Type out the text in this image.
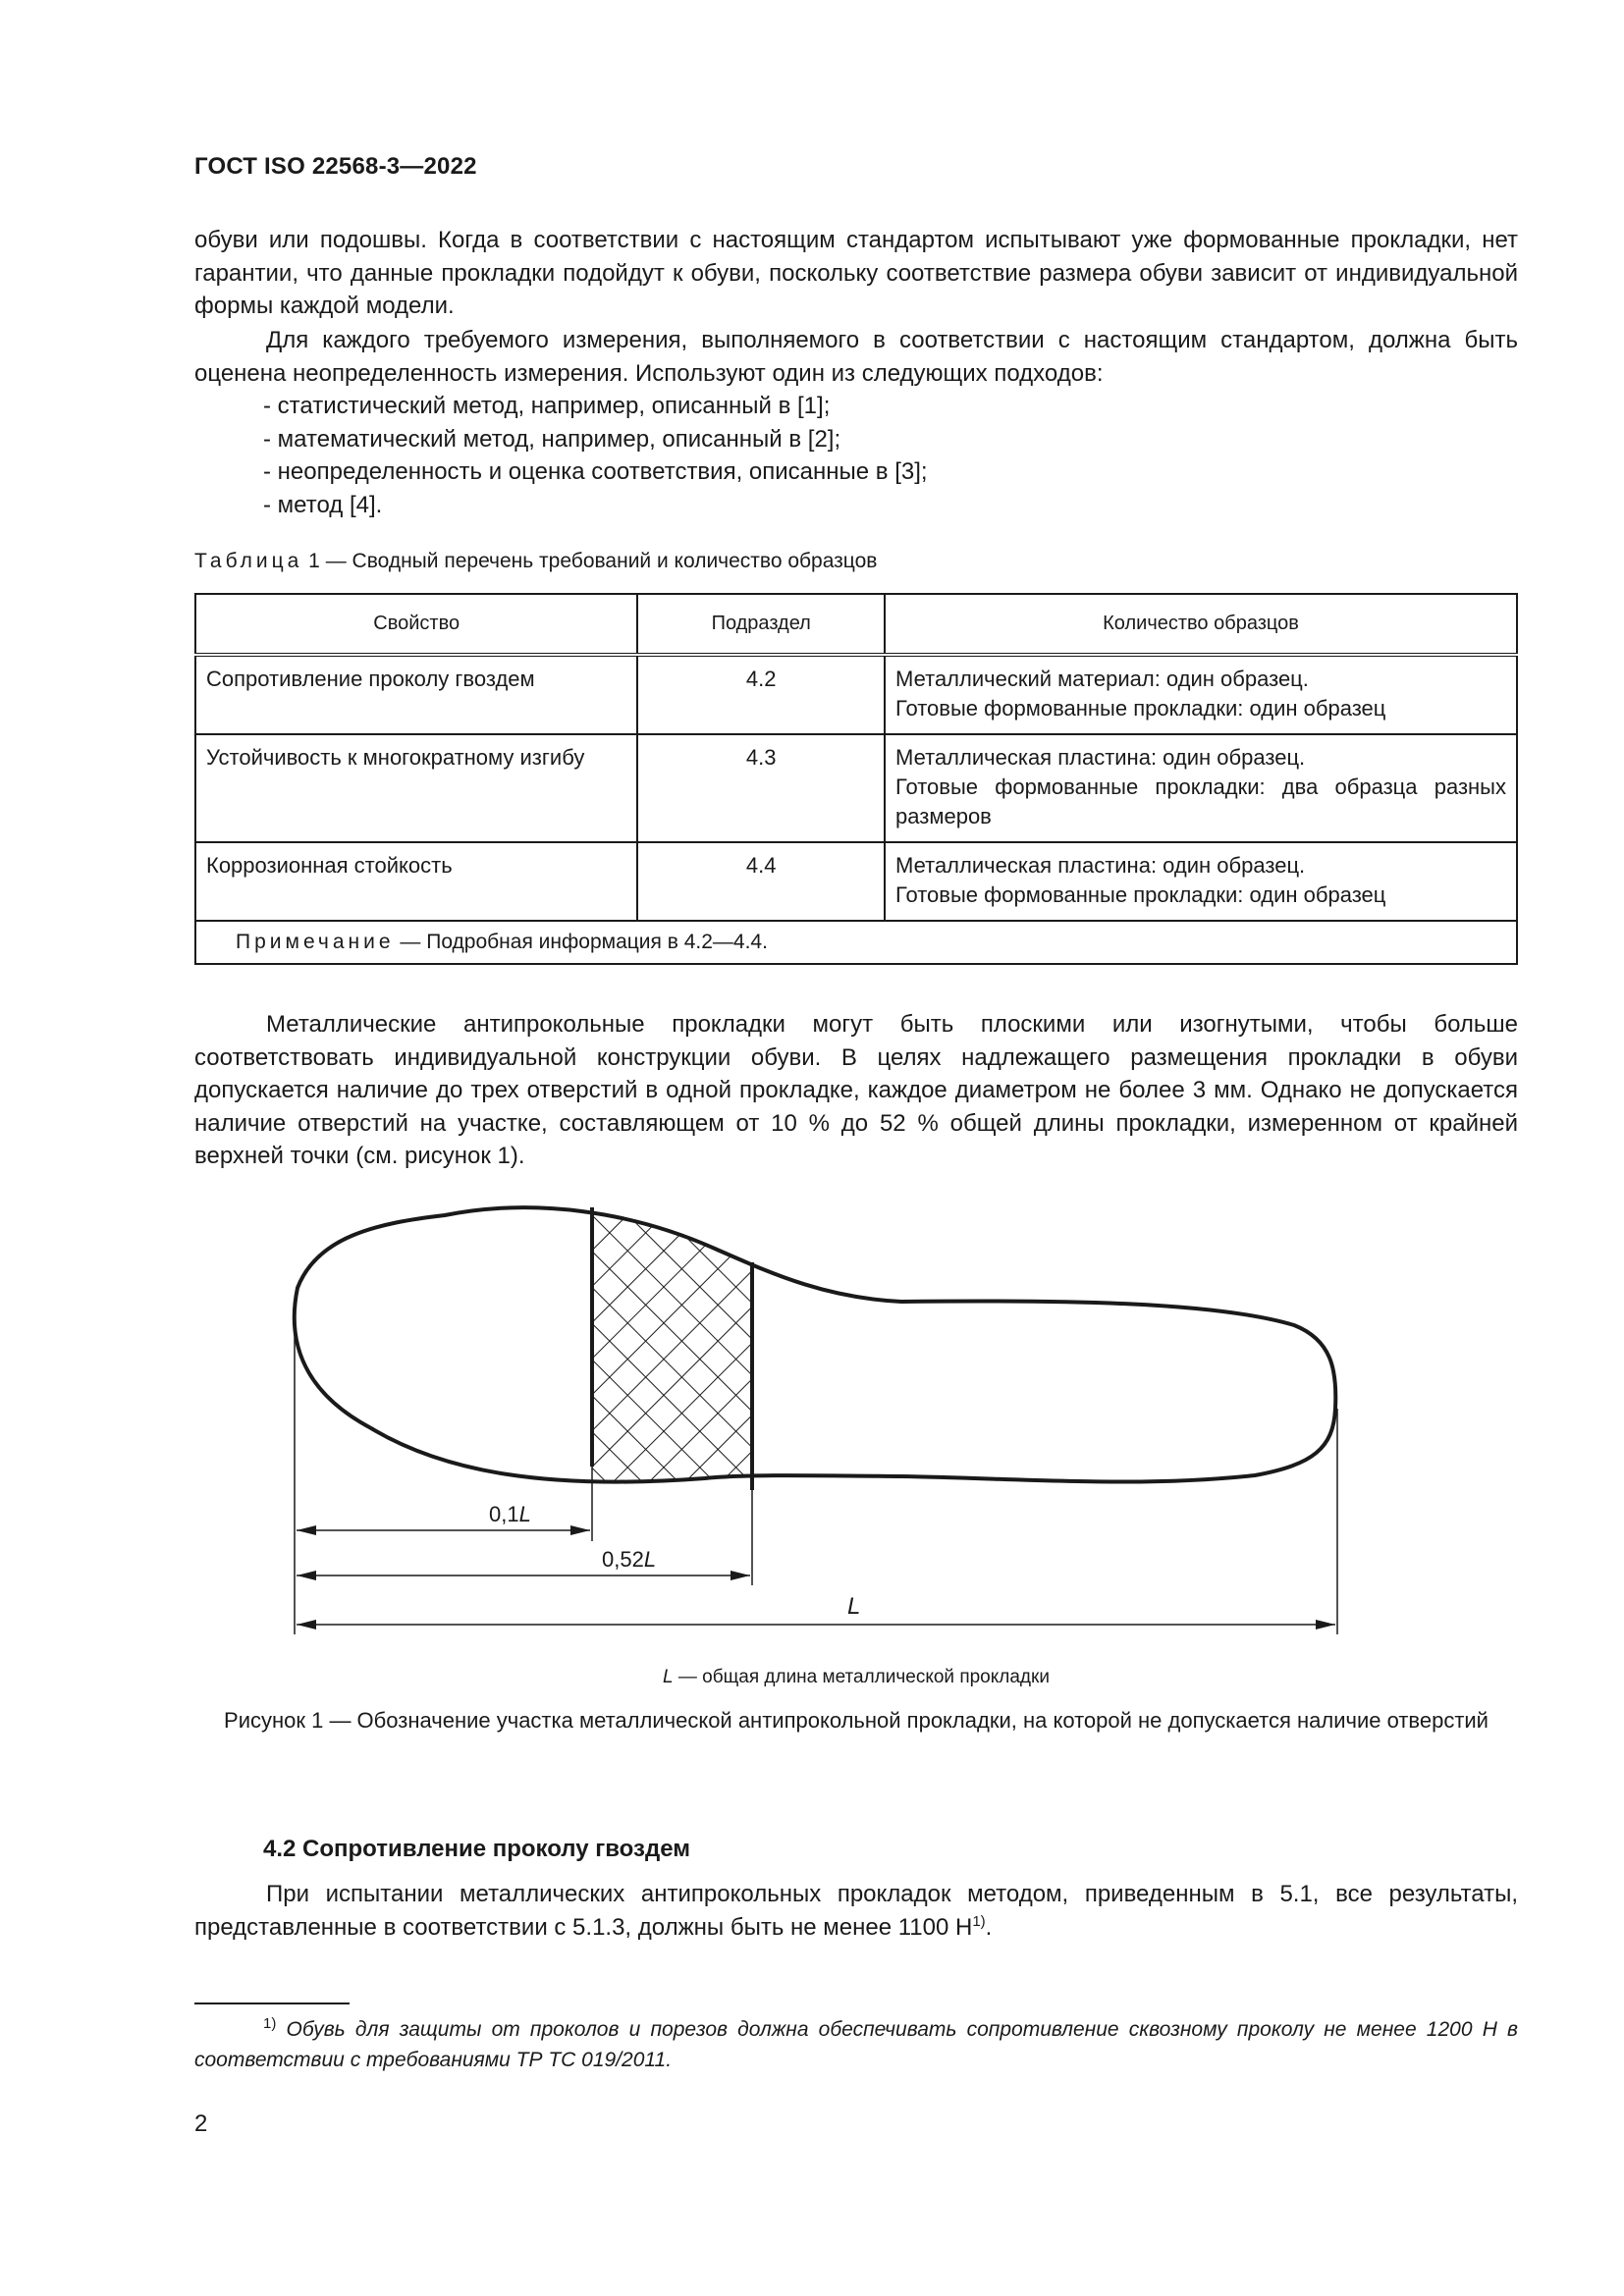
ГОСТ ISO 22568-3—2022

обуви или подошвы. Когда в соответствии с настоящим стандартом испытывают уже формованные прокладки, нет гарантии, что данные прокладки подойдут к обуви, поскольку соответствие размера обуви зависит от индивидуальной формы каждой модели.

Для каждого требуемого измерения, выполняемого в соответствии с настоящим стандартом, должна быть оценена неопределенность измерения. Используют один из следующих подходов:

- статистический метод, например, описанный в [1];
- математический метод, например, описанный в [2];
- неопределенность и оценка соответствия, описанные в [3];
- метод [4].
Таблица 1 — Сводный перечень требований и количество образцов
Свойство	Подраздел	Количество образцов
Сопротивление проколу гвоздем	4.2	Металлический материал: один образец.
Готовые формованные прокладки: один образец

Устойчивость к многократному изгибу	4.3	Металлическая пластина: один образец.
Готовые формованные прокладки: два образца разных размеров

Коррозионная стойкость	4.4	Металлическая пластина: один образец.
Готовые формованные прокладки: один образец

Примечание — Подробная информация в 4.2—4.4.		

Металлические антипрокольные прокладки могут быть плоскими или изогнутыми, чтобы больше соответствовать индивидуальной конструкции обуви. В целях надлежащего размещения прокладки в обуви допускается наличие до трех отверстий в одной прокладке, каждое диаметром не более 3 мм. Однако не допускается наличие отверстий на участке, составляющем от 10 % до 52 % общей длины прокладки, измеренном от крайней верхней точки (см. рисунок 1).

0,1L
0,52L
L
L — общая длина металлической прокладки
Рисунок 1 — Обозначение участка металлической антипрокольной прокладки, на которой не допускается наличие отверстий
4.2 Сопротивление проколу гвоздем

При испытании металлических антипрокольных прокладок методом, приведенным в 5.1, все результаты, представленные в соответствии с 5.1.3, должны быть не менее 1100 $Н^{1)}$.

$^{1)}$ Обувь для защиты от проколов и порезов должна обеспечивать сопротивление сквозному проколу не менее 1200 Н в соответствии с требованиями ТР ТС 019/2011.

2
